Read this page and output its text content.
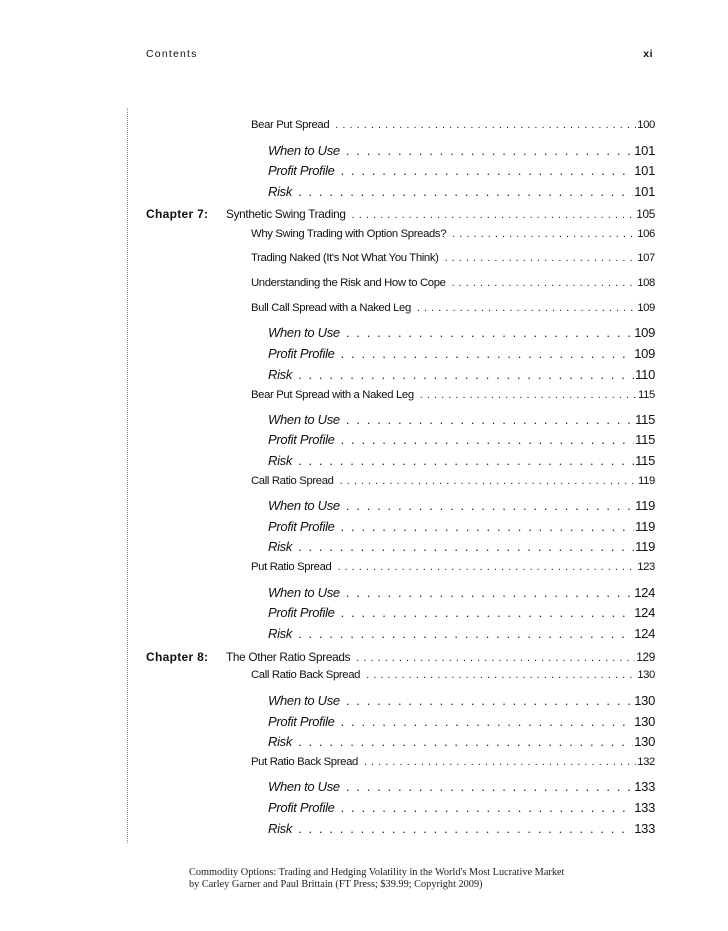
Contents	xi
Bear Put Spread . . .	100
When to Use . . .	101
Profit Profile . . .	101
Risk . . .	101
Chapter 7: Synthetic Swing Trading . . .	105
Why Swing Trading with Option Spreads? . . .	106
Trading Naked (It's Not What You Think) . . .	107
Understanding the Risk and How to Cope . . .	108
Bull Call Spread with a Naked Leg . . .	109
When to Use . . .	109
Profit Profile . . .	109
Risk . . .	110
Bear Put Spread with a Naked Leg . . .	115
When to Use . . .	115
Profit Profile . . .	115
Risk . . .	115
Call Ratio Spread . . .	119
When to Use . . .	119
Profit Profile . . .	119
Risk . . .	119
Put Ratio Spread . . .	123
When to Use . . .	124
Profit Profile . . .	124
Risk . . .	124
Chapter 8: The Other Ratio Spreads . . .	129
Call Ratio Back Spread . . .	130
When to Use . . .	130
Profit Profile . . .	130
Risk . . .	130
Put Ratio Back Spread . . .	132
When to Use . . .	133
Profit Profile . . .	133
Risk . . .	133
Commodity Options: Trading and Hedging Volatility in the World's Most Lucrative Market
by Carley Garner and Paul Brittain (FT Press; $39.99; Copyright 2009)
